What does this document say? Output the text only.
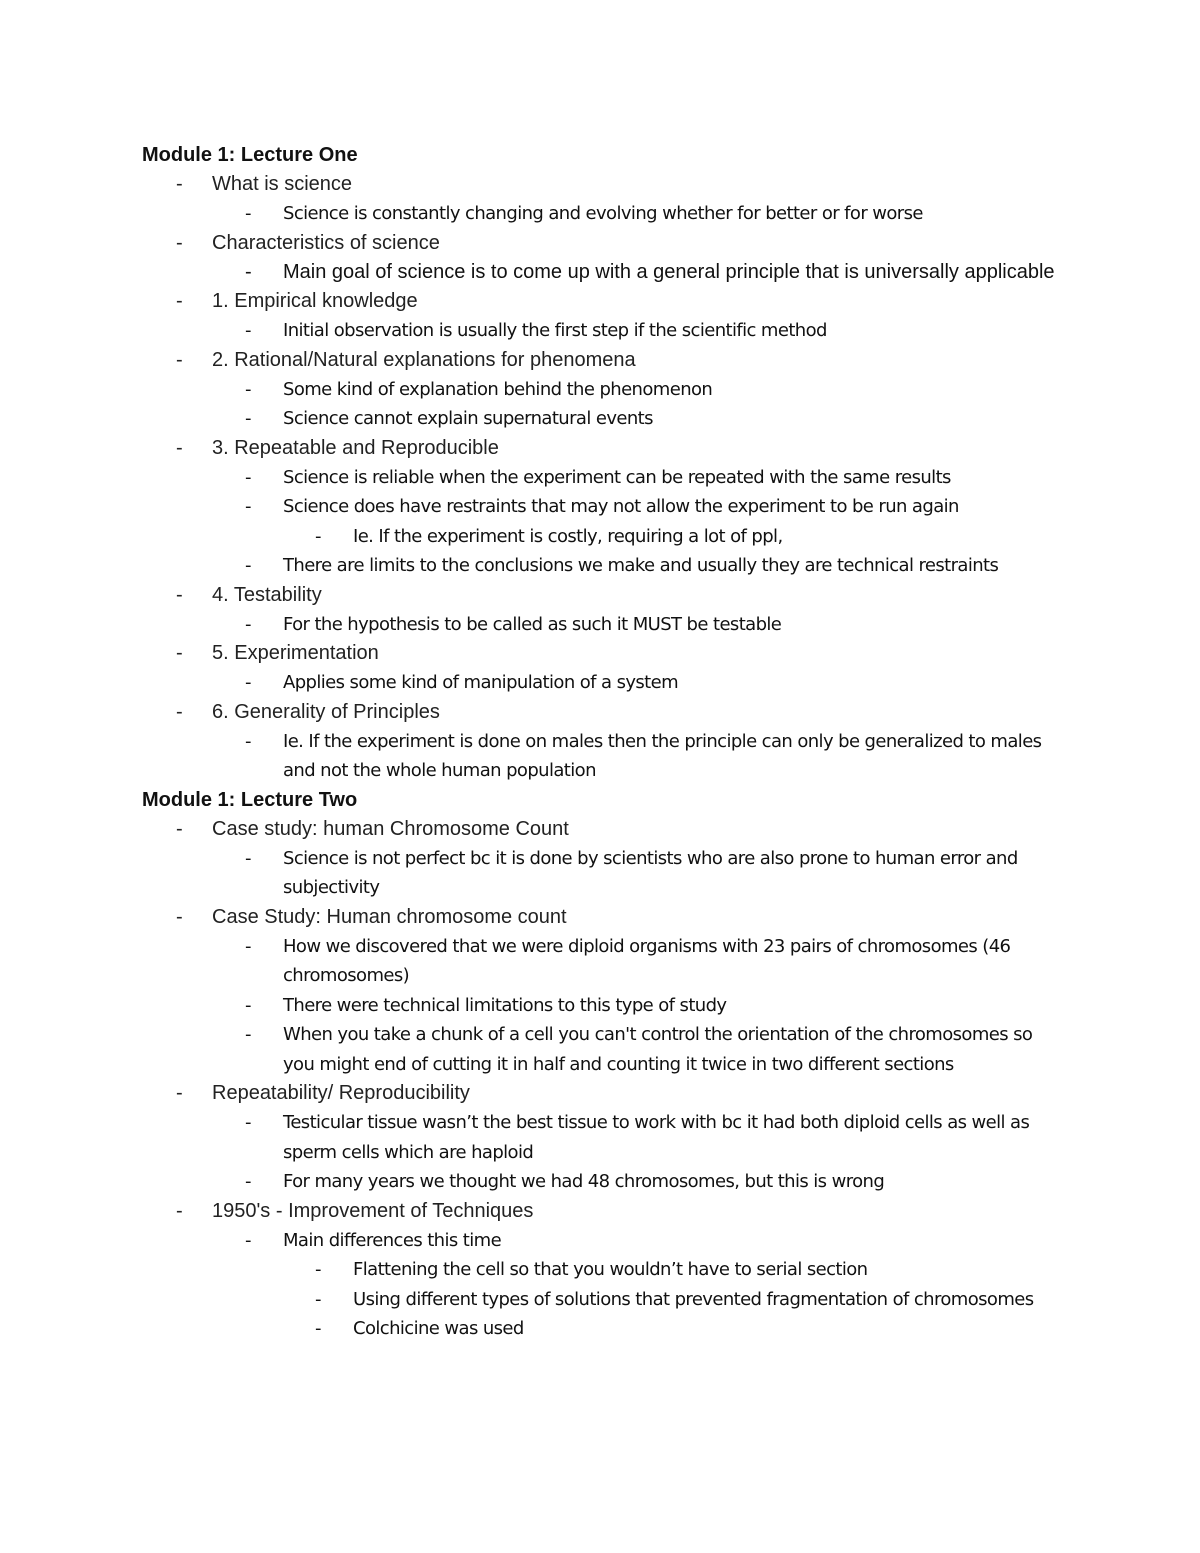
Module 1: Lecture One
- What is science
- Science is constantly changing and evolving whether for better or for worse
- Characteristics of science
- Main goal of science is to come up with a general principle that is universally applicable
- 1. Empirical knowledge
- Initial observation is usually the first step if the scientific method
- 2. Rational/Natural explanations for phenomena
- Some kind of explanation behind the phenomenon
- Science cannot explain supernatural events
- 3. Repeatable and Reproducible
- Science is reliable when the experiment can be repeated with the same results
- Science does have restraints that may not allow the experiment to be run again
- Ie. If the experiment is costly, requiring a lot of ppl,
- There are limits to the conclusions we make and usually they are technical restraints
- 4. Testability
- For the hypothesis to be called as such it MUST be testable
- 5. Experimentation
- Applies some kind of manipulation of a system
- 6. Generality of Principles
- Ie. If the experiment is done on males then the principle can only be generalized to males and not the whole human population
Module 1: Lecture Two
- Case study: human Chromosome Count
- Science is not perfect bc it is done by scientists who are also prone to human error and subjectivity
- Case Study: Human chromosome count
- How we discovered that we were diploid organisms with 23 pairs of chromosomes (46 chromosomes)
- There were technical limitations to this type of study
- When you take a chunk of a cell you can't control the orientation of the chromosomes so you might end of cutting it in half and counting it twice in two different sections
- Repeatability/ Reproducibility
- Testicular tissue wasn’t the best tissue to work with bc it had both diploid cells as well as sperm cells which are haploid
- For many years we thought we had 48 chromosomes, but this is wrong
- 1950's - Improvement of Techniques
- Main differences this time
- Flattening the cell so that you wouldn’t have to serial section
- Using different types of solutions that prevented fragmentation of chromosomes
- Colchicine was used
